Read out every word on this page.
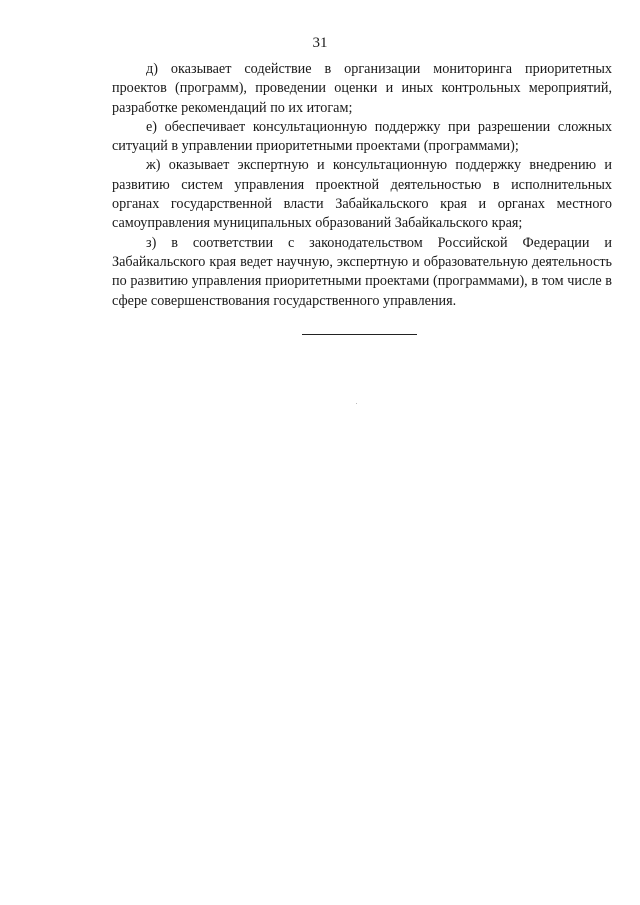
31

д) оказывает содействие в организации мониторинга приоритетных проектов (программ), проведении оценки и иных контрольных мероприятий, разработке рекомендаций по их итогам;

е) обеспечивает консультационную поддержку при разрешении сложных ситуаций в управлении приоритетными проектами (программами);

ж) оказывает экспертную и консультационную поддержку внедрению и развитию систем управления проектной деятельностью в исполнительных органах государственной власти Забайкальского края и органах местного самоуправления муниципальных образований Забайкальского края;

з) в соответствии с законодательством Российской Федерации и Забайкальского края ведет научную, экспертную и образовательную деятельность по развитию управления приоритетными проектами (программами), в том числе в сфере совершенствования государственного управления.
